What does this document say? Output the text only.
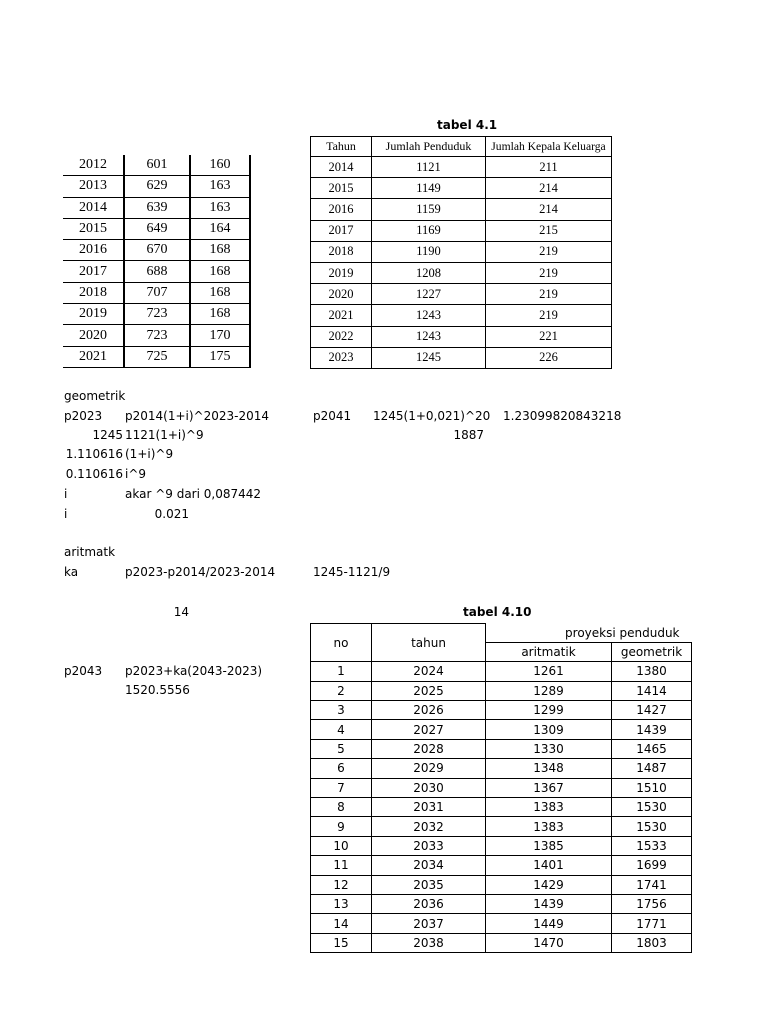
2012	601	160
2013	629	163
2014	639	163
2015	649	164
2016	670	168
2017	688	168
2018	707	168
2019	723	168
2020	723	170
2021	725	175
tabel 4.1
Tahun	Jumlah Penduduk	Jumlah Kepala Keluarga
2014	1121	211
2015	1149	214
2016	1159	214
2017	1169	215
2018	1190	219
2019	1208	219
2020	1227	219
2021	1243	219
2022	1243	221
2023	1245	226
geometrik
p2023 p2014(1+i)^2023-2014	p2041 1245(1+0,021)^20 1.23099820843218
1245 1121(1+i)^9	1887
1.110616 (1+i)^9
0.110616 i^9
i	akar ^9 dari 0,087442
i	0.021
aritmatk
ka	p2023-p2014/2023-2014	1245-1121/9
14
p2043 p2023+ka(2043-2023)
1520.5556
tabel 4.10
no	tahun	proyeksi penduduk	
		aritmatik	geometrik
1	2024	1261	1380
2	2025	1289	1414
3	2026	1299	1427
4	2027	1309	1439
5	2028	1330	1465
6	2029	1348	1487
7	2030	1367	1510
8	2031	1383	1530
9	2032	1383	1530
10	2033	1385	1533
11	2034	1401	1699
12	2035	1429	1741
13	2036	1439	1756
14	2037	1449	1771
15	2038	1470	1803
